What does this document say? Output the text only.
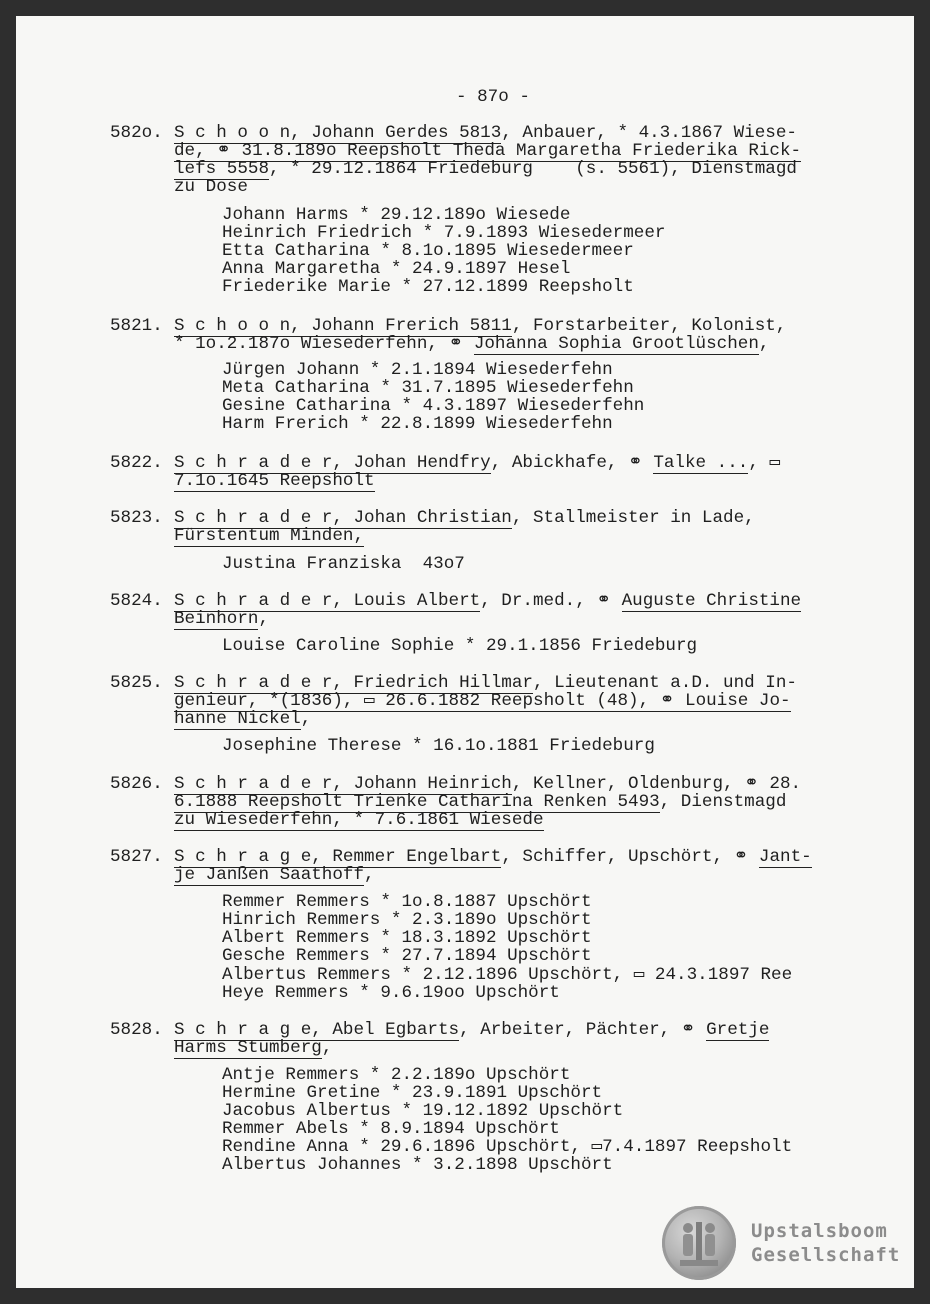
- 87o -
582o. S c h o o n, Johann Gerdes 5813, Anbauer, * 4.3.1867 Wiese-
de, ⚭ 31.8.189o Reepsholt Theda Margaretha Friederika Rick-
lefs 5558, * 29.12.1864 Friedeburg    (s. 5561), Dienstmagd
zu Dose
Johann Harms * 29.12.189o Wiesede
Heinrich Friedrich * 7.9.1893 Wiesedermeer
Etta Catharina * 8.1o.1895 Wiesedermeer
Anna Margaretha * 24.9.1897 Hesel
Friederike Marie * 27.12.1899 Reepsholt
5821. S c h o o n, Johann Frerich 5811, Forstarbeiter, Kolonist,
* 1o.2.187o Wiesederfehn, ⚭ Johanna Sophia Grootlüschen,
Jürgen Johann * 2.1.1894 Wiesederfehn
Meta Catharina * 31.7.1895 Wiesederfehn
Gesine Catharina * 4.3.1897 Wiesederfehn
Harm Frerich * 22.8.1899 Wiesederfehn
5822. S c h r a d e r, Johan Hendfry, Abickhafe, ⚭ Talke ..., ▭
7.1o.1645 Reepsholt
5823. S c h r a d e r, Johan Christian, Stallmeister in Lade,
Fürstentum Minden,
Justina Franziska  43o7
5824. S c h r a d e r, Louis Albert, Dr.med., ⚭ Auguste Christine
Beinhorn,
Louise Caroline Sophie * 29.1.1856 Friedeburg
5825. S c h r a d e r, Friedrich Hillmar, Lieutenant a.D. und In-
genieur, *(1836), ▭ 26.6.1882 Reepsholt (48), ⚭ Louise Jo-
hanne Nickel,
Josephine Therese * 16.1o.1881 Friedeburg
5826. S c h r a d e r, Johann Heinrich, Kellner, Oldenburg, ⚭ 28.
6.1888 Reepsholt Trienke Catharina Renken 5493, Dienstmagd
zu Wiesederfehn, * 7.6.1861 Wiesede
5827. S c h r a g e, Remmer Engelbart, Schiffer, Upschört, ⚭ Jant-
je Janßen Saathoff,
Remmer Remmers * 1o.8.1887 Upschört
Hinrich Remmers * 2.3.189o Upschört
Albert Remmers * 18.3.1892 Upschört
Gesche Remmers * 27.7.1894 Upschört
Albertus Remmers * 2.12.1896 Upschört, ▭ 24.3.1897 Ree
Heye Remmers * 9.6.19oo Upschört
5828. S c h r a g e, Abel Egbarts, Arbeiter, Pächter, ⚭ Gretje
Harms Stumberg,
Antje Remmers * 2.2.189o Upschört
Hermine Gretine * 23.9.1891 Upschört
Jacobus Albertus * 19.12.1892 Upschört
Remmer Abels * 8.9.1894 Upschört
Rendine Anna * 29.6.1896 Upschört, ▭7.4.1897 Reepsholt
Albertus Johannes * 3.2.1898 Upschört
Upstalsboom
Gesellschaft
